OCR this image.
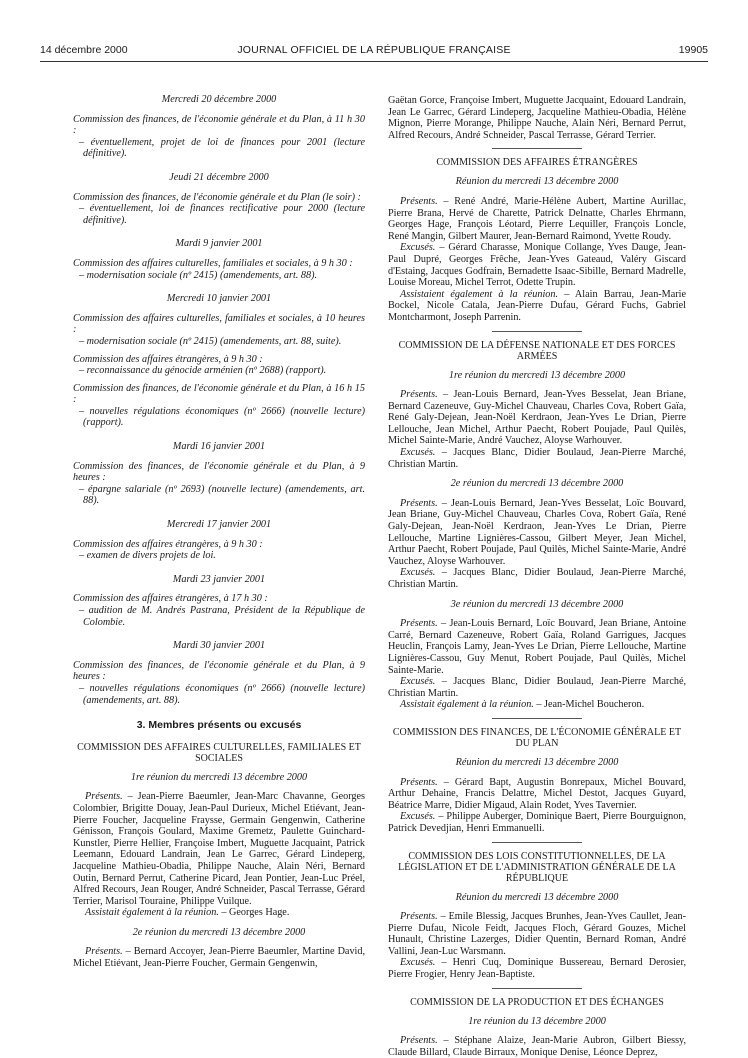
14 décembre 2000	JOURNAL OFFICIEL DE LA RÉPUBLIQUE FRANÇAISE	19905

Mercredi 20 décembre 2000

Commission des finances, de l'économie générale et du Plan, à 11 h 30 :

– éventuellement, projet de loi de finances pour 2001 (lecture définitive).

Jeudi 21 décembre 2000

Commission des finances, de l'économie générale et du Plan (le soir) :

– éventuellement, loi de finances rectificative pour 2000 (lecture définitive).

Mardi 9 janvier 2001

Commission des affaires culturelles, familiales et sociales, à 9 h 30 :

– modernisation sociale (nº 2415) (amendements, art. 88).

Mercredi 10 janvier 2001

Commission des affaires culturelles, familiales et sociales, à 10 heures :

– modernisation sociale (nº 2415) (amendements, art. 88, suite).

Commission des affaires étrangères, à 9 h 30 :

– reconnaissance du génocide arménien (nº 2688) (rapport).

Commission des finances, de l'économie générale et du Plan, à 16 h 15 :

– nouvelles régulations économiques (nº 2666) (nouvelle lecture) (rapport).

Mardi 16 janvier 2001

Commission des finances, de l'économie générale et du Plan, à 9 heures :

– épargne salariale (nº 2693) (nouvelle lecture) (amendements, art. 88).

Mercredi 17 janvier 2001

Commission des affaires étrangères, à 9 h 30 :

– examen de divers projets de loi.

Mardi 23 janvier 2001

Commission des affaires étrangères, à 17 h 30 :

– audition de M. Andrés Pastrana, Président de la République de Colombie.

Mardi 30 janvier 2001

Commission des finances, de l'économie générale et du Plan, à 9 heures :

– nouvelles régulations économiques (nº 2666) (nouvelle lecture) (amendements, art. 88).

3. Membres présents ou excusés

COMMISSION DES AFFAIRES CULTURELLES, FAMILIALES ET SOCIALES

1re réunion du mercredi 13 décembre 2000

Présents. – Jean-Pierre Baeumler, Jean-Marc Chavanne, Georges Colombier, Brigitte Douay, Jean-Paul Durieux, Michel Etiévant, Jean-Pierre Foucher, Jacqueline Fraysse, Germain Gengenwin, Catherine Génisson, François Goulard, Maxime Gremetz, Paulette Guinchard-Kunstler, Pierre Hellier, Françoise Imbert, Muguette Jacquaint, Patrick Leemann, Edouard Landrain, Jean Le Garrec, Gérard Lindeperg, Jacqueline Mathieu-Obadia, Philippe Nauche, Alain Néri, Bernard Outin, Bernard Perrut, Catherine Picard, Jean Pontier, Jean-Luc Préel, Alfred Recours, Jean Rouger, André Schneider, Pascal Terrasse, Gérard Terrier, Marisol Touraine, Philippe Vuilque.

Assistait également à la réunion. – Georges Hage.

2e réunion du mercredi 13 décembre 2000

Présents. – Bernard Accoyer, Jean-Pierre Baeumler, Martine David, Michel Etiévant, Jean-Pierre Foucher, Germain Gengenwin,

Gaëtan Gorce, Françoise Imbert, Muguette Jacquaint, Edouard Landrain, Jean Le Garrec, Gérard Lindeperg, Jacqueline Mathieu-Obadia, Hélène Mignon, Pierre Morange, Philippe Nauche, Alain Néri, Bernard Perrut, Alfred Recours, André Schneider, Pascal Terrasse, Gérard Terrier.

COMMISSION DES AFFAIRES ÉTRANGÈRES

Réunion du mercredi 13 décembre 2000

Présents. – René André, Marie-Hélène Aubert, Martine Aurillac, Pierre Brana, Hervé de Charette, Patrick Delnatte, Charles Ehrmann, Georges Hage, François Léotard, Pierre Lequiller, François Loncle, René Mangin, Gilbert Maurer, Jean-Bernard Raimond, Yvette Roudy.

Excusés. – Gérard Charasse, Monique Collange, Yves Dauge, Jean-Paul Dupré, Georges Frêche, Jean-Yves Gateaud, Valéry Giscard d'Estaing, Jacques Godfrain, Bernadette Isaac-Sibille, Bernard Madrelle, Louise Moreau, Michel Terrot, Odette Trupin.

Assistaient également à la réunion. – Alain Barrau, Jean-Marie Bockel, Nicole Catala, Jean-Pierre Dufau, Gérard Fuchs, Gabriel Montcharmont, Joseph Parrenin.

COMMISSION DE LA DÉFENSE NATIONALE ET DES FORCES ARMÉES

1re réunion du mercredi 13 décembre 2000

Présents. – Jean-Louis Bernard, Jean-Yves Besselat, Jean Briane, Bernard Cazeneuve, Guy-Michel Chauveau, Charles Cova, Robert Gaïa, René Galy-Dejean, Jean-Noël Kerdraon, Jean-Yves Le Drian, Pierre Lellouche, Jean Michel, Arthur Paecht, Robert Poujade, Paul Quilès, Michel Sainte-Marie, André Vauchez, Aloyse Warhouver.

Excusés. – Jacques Blanc, Didier Boulaud, Jean-Pierre Marché, Christian Martin.

2e réunion du mercredi 13 décembre 2000

Présents. – Jean-Louis Bernard, Jean-Yves Besselat, Loïc Bouvard, Jean Briane, Guy-Michel Chauveau, Charles Cova, Robert Gaïa, René Galy-Dejean, Jean-Noël Kerdraon, Jean-Yves Le Drian, Pierre Lellouche, Martine Lignières-Cassou, Gilbert Meyer, Jean Michel, Arthur Paecht, Robert Poujade, Paul Quilès, Michel Sainte-Marie, André Vauchez, Aloyse Warhouver.

Excusés. – Jacques Blanc, Didier Boulaud, Jean-Pierre Marché, Christian Martin.

3e réunion du mercredi 13 décembre 2000

Présents. – Jean-Louis Bernard, Loïc Bouvard, Jean Briane, Antoine Carré, Bernard Cazeneuve, Robert Gaïa, Roland Garrigues, Jacques Heuclin, François Lamy, Jean-Yves Le Drian, Pierre Lellouche, Martine Lignières-Cassou, Guy Menut, Robert Poujade, Paul Quilès, Michel Sainte-Marie.

Excusés. – Jacques Blanc, Didier Boulaud, Jean-Pierre Marché, Christian Martin.

Assistait également à la réunion. – Jean-Michel Boucheron.

COMMISSION DES FINANCES, DE L'ÉCONOMIE GÉNÉRALE ET DU PLAN

Réunion du mercredi 13 décembre 2000

Présents. – Gérard Bapt, Augustin Bonrepaux, Michel Bouvard, Arthur Dehaine, Francis Delattre, Michel Destot, Jacques Guyard, Béatrice Marre, Didier Migaud, Alain Rodet, Yves Tavernier.

Excusés. – Philippe Auberger, Dominique Baert, Pierre Bourguignon, Patrick Devedjian, Henri Emmanuelli.

COMMISSION DES LOIS CONSTITUTIONNELLES, DE LA LÉGISLATION ET DE L'ADMINISTRATION GÉNÉRALE DE LA RÉPUBLIQUE

Réunion du mercredi 13 décembre 2000

Présents. – Emile Blessig, Jacques Brunhes, Jean-Yves Caullet, Jean-Pierre Dufau, Nicole Feidt, Jacques Floch, Gérard Gouzes, Michel Hunault, Christine Lazerges, Didier Quentin, Bernard Roman, André Vallini, Jean-Luc Warsmann.

Excusés. – Henri Cuq, Dominique Bussereau, Bernard Derosier, Pierre Frogier, Henry Jean-Baptiste.

COMMISSION DE LA PRODUCTION ET DES ÉCHANGES

1re réunion du 13 décembre 2000

Présents. – Stéphane Alaize, Jean-Marie Aubron, Gilbert Biessy, Claude Billard, Claude Birraux, Monique Denise, Léonce Deprez,
